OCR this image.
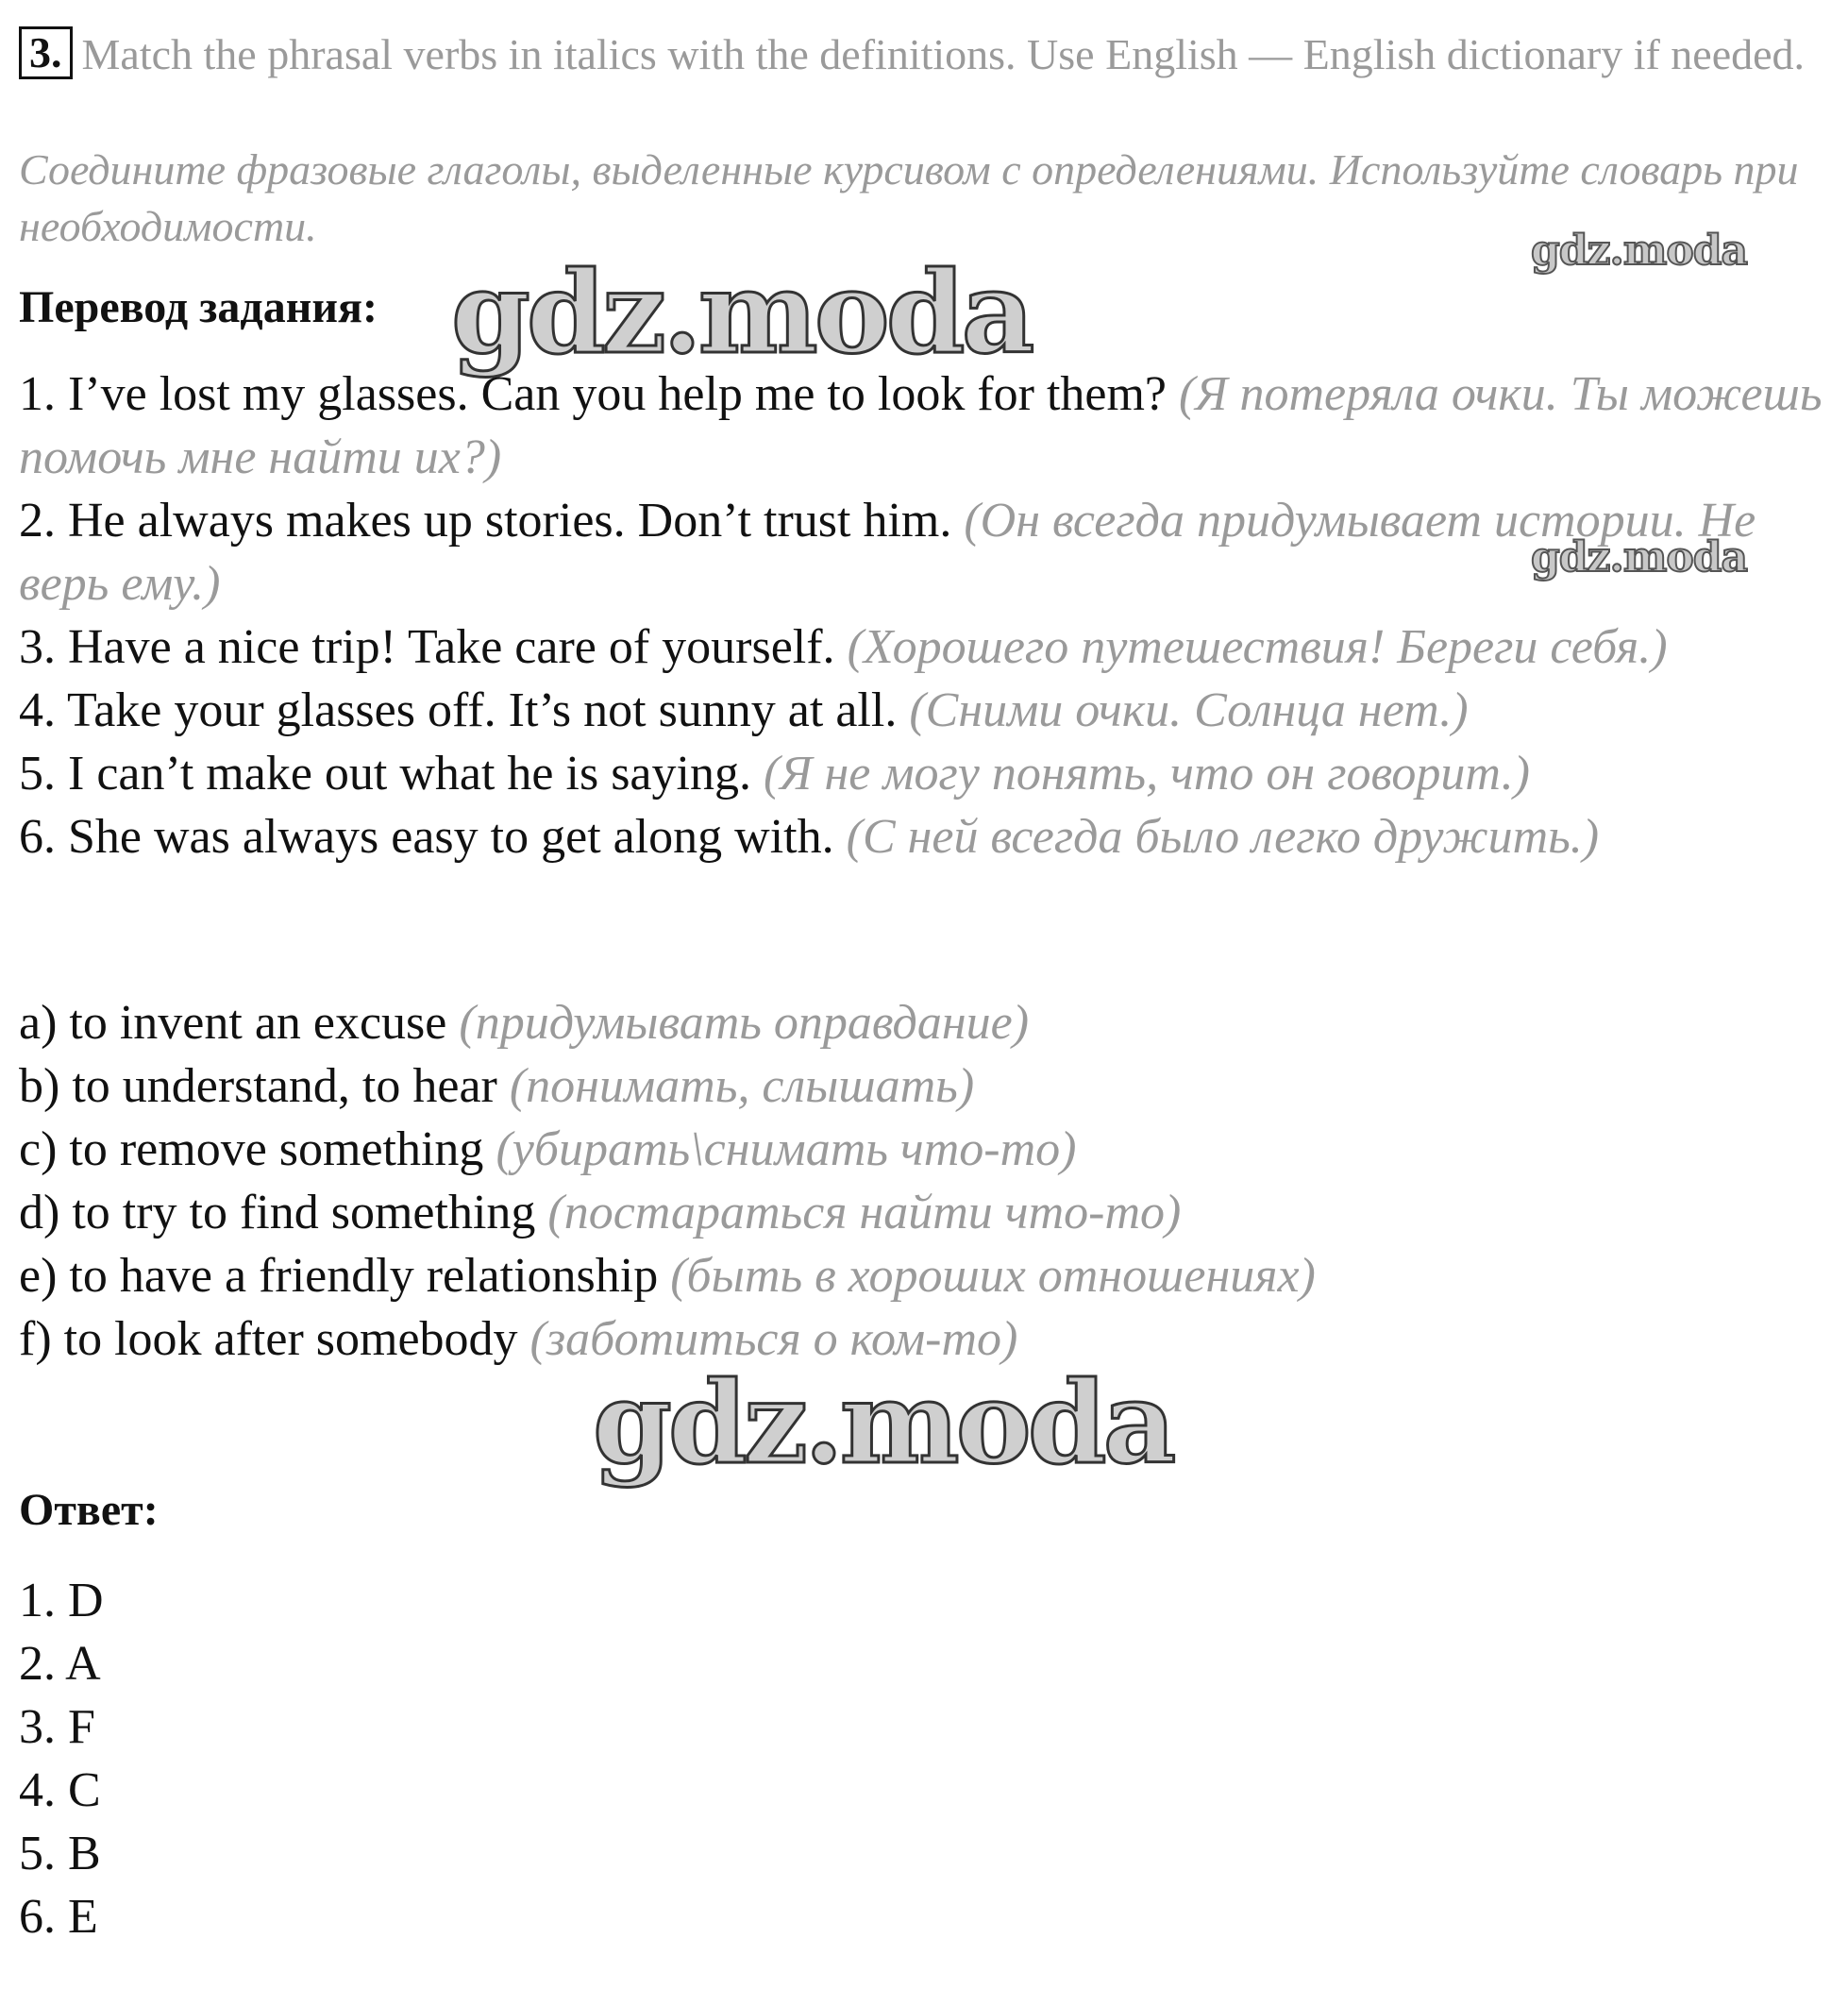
3. Match the phrasal verbs in italics with the definitions. Use English — English dictionary if needed.
Соедините фразовые глаголы, выделенные курсивом с определениями. Используйте словарь при необходимости.
gdz.moda
Перевод задания: gdz.moda
1. I’ve lost my glasses. Can you help me to look for them? (Я потеряла очки. Ты можешь помочь мне найти их?)
2. He always makes up stories. Don’t trust him. (Он всегда придумывает истории. Не верь ему.)
3. Have a nice trip! Take care of yourself. (Хорошего путешествия! Береги себя.)
4. Take your glasses off. It’s not sunny at all. (Сними очки. Солнца нет.)
5. I can’t make out what he is saying. (Я не могу понять, что он говорит.)
6. She was always easy to get along with. (С ней всегда было легко дружить.)
gdz.moda
a) to invent an excuse (придумывать оправдание)
b) to understand, to hear (понимать, слышать)
c) to remove something (убирать\снимать что-то)
d) to try to find something (постараться найти что-то)
e) to have a friendly relationship (быть в хороших отношениях)
f) to look after somebody (заботиться о ком-то)
gdz.moda
Ответ:
1. D
2. A
3. F
4. C
5. B
6. E
